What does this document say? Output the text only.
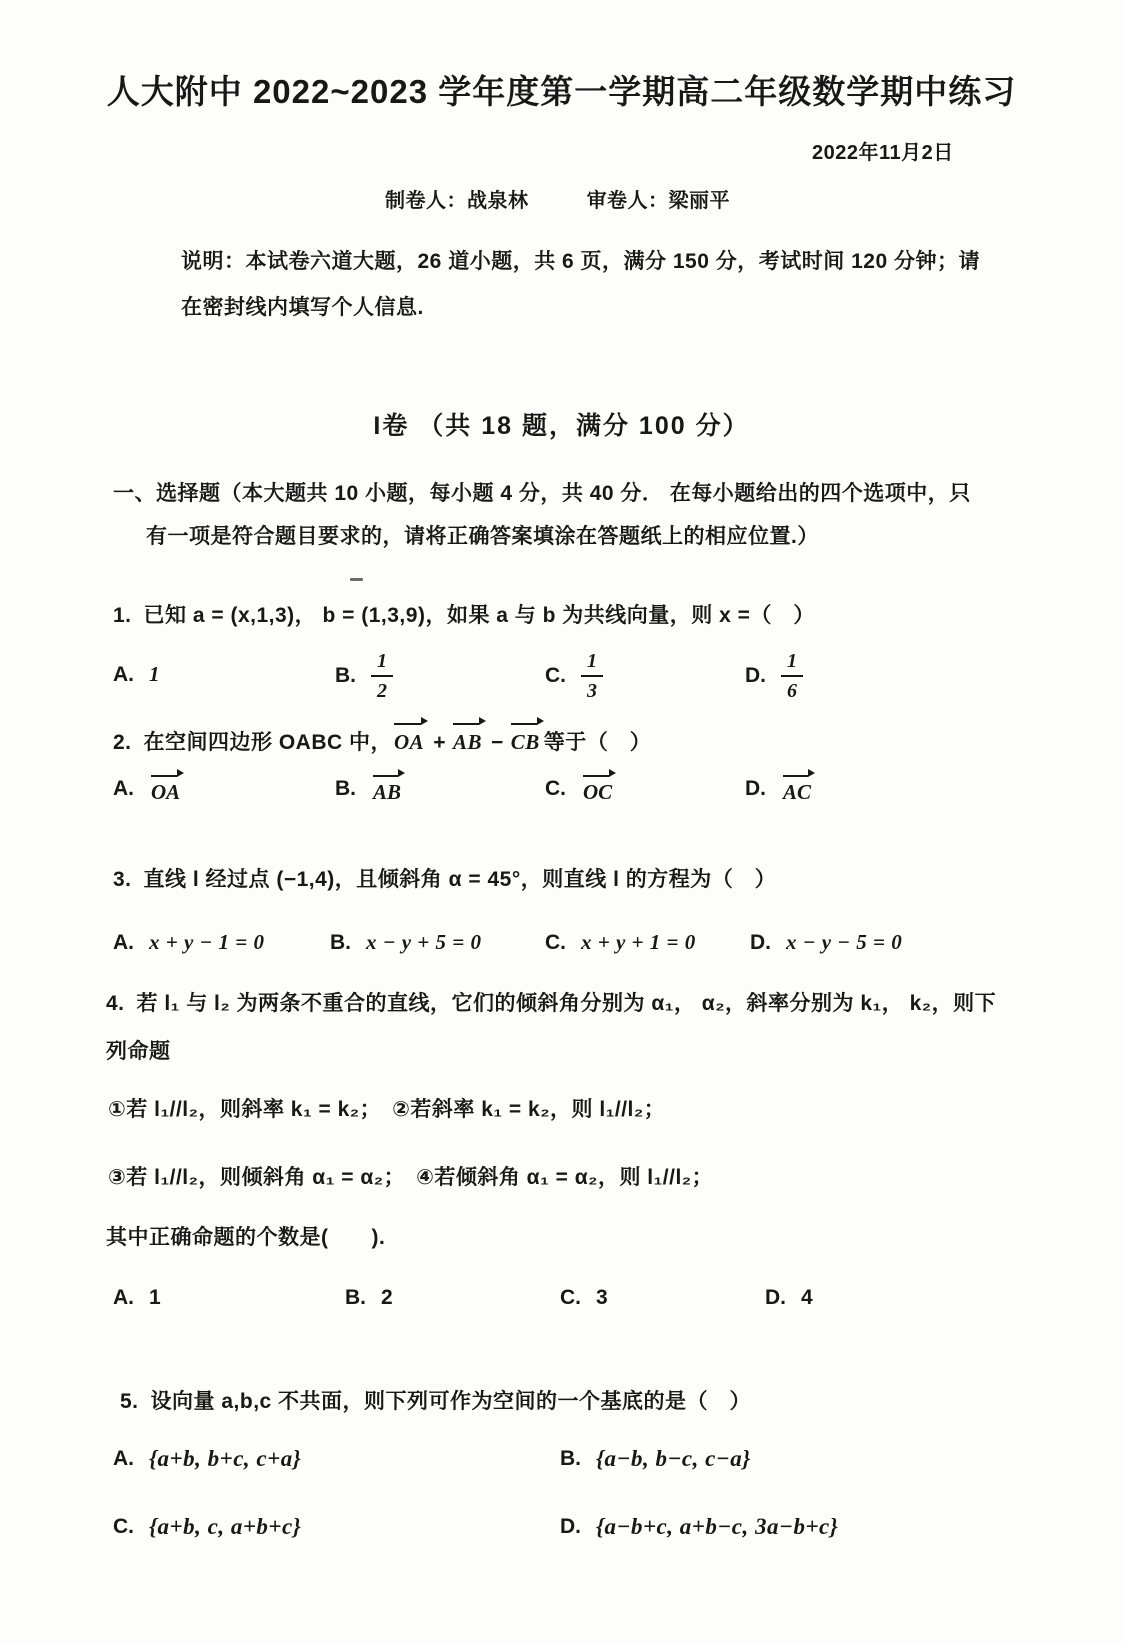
人大附中 2022~2023 学年度第一学期高二年级数学期中练习
2022年11月2日
制卷人：战泉林	审卷人：梁丽平
说明：本试卷六道大题，26 道小题，共 6 页，满分 150 分，考试时间 120 分钟；请
在密封线内填写个人信息.
I卷 （共 18 题，满分 100 分）
一、选择题（本大题共 10 小题，每小题 4 分，共 40 分． 在每小题给出的四个选项中，只
有一项是符合题目要求的，请将正确答案填涂在答题纸上的相应位置.）
1. 已知 a = (x,1,3)， b = (1,3,9)，如果 a 与 b 为共线向量，则 x =（　）
A. 1	B. $\frac{1}{2}$	C. $\frac{1}{3}$	D. $\frac{1}{6}$
2. 在空间四边形 OABC 中，OA + AB − CB 等于（　）
A. OA	B. AB	C. OC	D. AC
3. 直线 l 经过点 (−1,4)，且倾斜角 α = 45°，则直线 l 的方程为（　）
A. x + y − 1 = 0	B. x − y + 5 = 0	C. x + y + 1 = 0	D. x − y − 5 = 0
4. 若 l₁ 与 l₂ 为两条不重合的直线，它们的倾斜角分别为 α₁， α₂，斜率分别为 k₁， k₂，则下
列命题
①若 l₁//l₂，则斜率 k₁ = k₂；　②若斜率 k₁ = k₂，则 l₁//l₂；
③若 l₁//l₂，则倾斜角 α₁ = α₂；　④若倾斜角 α₁ = α₂，则 l₁//l₂；
其中正确命题的个数是(　　).
A. 1	B. 2	C. 3	D. 4
5. 设向量 a,b,c 不共面，则下列可作为空间的一个基底的是（　）
A. {a+b, b+c, c+a}	B. {a−b, b−c, c−a}
C. {a+b, c, a+b+c}	D. {a−b+c, a+b−c, 3a−b+c}
